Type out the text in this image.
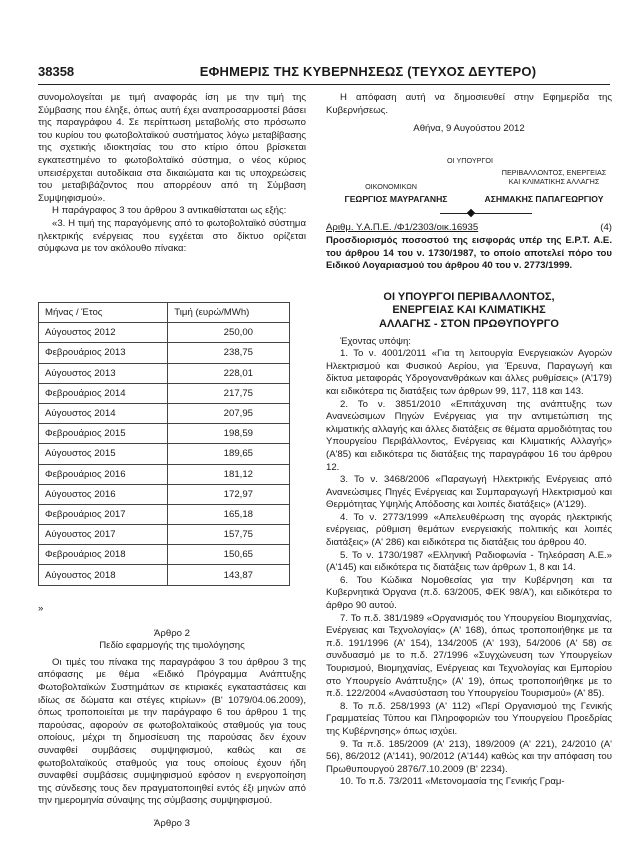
38358	ΕΦΗΜΕΡΙΣ ΤΗΣ ΚΥΒΕΡΝΗΣΕΩΣ (ΤΕΥΧΟΣ ΔΕΥΤΕΡΟ)

συνομολογείται με τιμή αναφοράς ίση με την τιμή της Σύμβασης που έληξε, όπως αυτή έχει αναπροσαρμοστεί βάσει της παραγράφου 4. Σε περίπτωση μεταβολής στο πρόσωπο του κυρίου του φωτοβολταϊκού συστήματος λόγω μεταβίβασης της σχετικής ιδιοκτησίας του στο κτίριο όπου βρίσκεται εγκατεστημένο το φωτοβολταϊκό σύστημα, ο νέος κύριος υπεισέρχεται αυτοδίκαια στα δικαιώματα και τις υποχρεώσεις του μεταβιβάζοντος που απορρέουν από τη Σύμβαση Συμψηφισμού».

Η παράγραφος 3 του άρθρου 3 αντικαθίσταται ως εξής:

«3. Η τιμή της παραγόμενης από το φωτοβολταϊκό σύστημα ηλεκτρικής ενέργειας που εγχέεται στο δίκτυο ορίζεται σύμφωνα με τον ακόλουθο πίνακα:

Μήνας / Έτος	Τιμή (ευρώ/MWh)
Αύγουστος 2012	250,00
Φεβρουάριος 2013	238,75
Αύγουστος 2013	228,01
Φεβρουάριος 2014	217,75
Αύγουστος 2014	207,95
Φεβρουάριος 2015	198,59
Αύγουστος 2015	189,65
Φεβρουάριος 2016	181,12
Αύγουστος 2016	172,97
Φεβρουάριος 2017	165,18
Αύγουστος 2017	157,75
Φεβρουάριος 2018	150,65
Αύγουστος 2018	143,87

»

Άρθρο 2

Πεδίο εφαρμογής της τιμολόγησης

Οι τιμές του πίνακα της παραγράφου 3 του άρθρου 3 της απόφασης με θέμα «Ειδικό Πρόγραμμα Ανάπτυξης Φωτοβολταϊκών Συστημάτων σε κτιριακές εγκαταστάσεις και ιδίως σε δώματα και στέγες κτιρίων» (Β' 1079/04.06.2009), όπως τροποποιείται με την παράγραφο 6 του άρθρου 1 της παρούσας, αφορούν σε φωτοβολταϊκούς σταθμούς για τους οποίους, μέχρι τη δημοσίευση της παρούσας δεν έχουν συναφθεί συμβάσεις συμψηφισμού, καθώς και σε φωτοβολταϊκούς σταθμούς για τους οποίους έχουν ήδη συναφθεί συμβάσεις συμψηφισμού εφόσον η ενεργοποίηση της σύνδεσης τους δεν πραγματοποιηθεί εντός έξι μηνών από την ημερομηνία σύναψης της σύμβασης συμψηφισμού.

Άρθρο 3

Η απόφαση αυτή να δημοσιευθεί στην Εφημερίδα της Κυβερνήσεως.

Αθήνα, 9 Αυγούστου 2012

ΟΙ ΥΠΟΥΡΓΟΙ
ΟΙΚΟΝΟΜΙΚΩΝ
ΠΕΡΙΒΑΛΛΟΝΤΟΣ, ΕΝΕΡΓΕΙΑΣ ΚΑΙ ΚΛΙΜΑΤΙΚΗΣ ΑΛΛΑΓΗΣ
ΓΕΩΡΓΙΟΣ ΜΑΥΡΑΓΑΝΗΣ	ΑΣΗΜΑΚΗΣ ΠΑΠΑΓΕΩΡΓΙΟΥ
Αριθμ. Υ.Α.Π.Ε. /Φ1/2303/οικ.16935	(4)

Προσδιορισμός ποσοστού της εισφοράς υπέρ της Ε.Ρ.Τ. Α.Ε. του άρθρου 14 του ν. 1730/1987, το οποίο αποτελεί πόρο του Ειδικού Λογαριασμού του άρθρου 40 του ν. 2773/1999.

ΟΙ ΥΠΟΥΡΓΟΙ ΠΕΡΙΒΑΛΛΟΝΤΟΣ, ΕΝΕΡΓΕΙΑΣ ΚΑΙ ΚΛΙΜΑΤΙΚΗΣ ΑΛΛΑΓΗΣ - ΣΤΟΝ ΠΡΩΘΥΠΟΥΡΓΟ

Έχοντας υπόψη:

1. Το ν. 4001/2011 «Για τη λειτουργία Ενεργειακών Αγορών Ηλεκτρισμού και Φυσικού Αερίου, για Έρευνα, Παραγωγή και δίκτυα μεταφοράς Υδρογονανθράκων και άλλες ρυθμίσεις» (Α'179) και ειδικότερα τις διατάξεις των άρθρων 99, 117, 118 και 143.

2. Το ν. 3851/2010 «Επιτάχυνση της ανάπτυξης των Ανανεώσιμων Πηγών Ενέργειας για την αντιμετώπιση της κλιματικής αλλαγής και άλλες διατάξεις σε θέματα αρμοδιότητας του Υπουργείου Περιβάλλοντος, Ενέργειας και Κλιματικής Αλλαγής» (Α'85) και ειδικότερα τις διατάξεις της παραγράφου 16 του άρθρου 12.

3. Το ν. 3468/2006 «Παραγωγή Ηλεκτρικής Ενέργειας από Ανανεώσιμες Πηγές Ενέργειας και Συμπαραγωγή Ηλεκτρισμού και Θερμότητας Υψηλής Απόδοσης και λοιπές διατάξεις» (Α'129).

4. Το ν. 2773/1999 «Απελευθέρωση της αγοράς ηλεκτρικής ενέργειας, ρύθμιση θεμάτων ενεργειακής πολιτικής και λοιπές διατάξεις» (Α' 286) και ειδικότερα τις διατάξεις του άρθρου 40.

5. Το ν. 1730/1987 «Ελληνική Ραδιοφωνία - Τηλεόραση Α.Ε.» (Α'145) και ειδικότερα τις διατάξεις των άρθρων 1, 8 και 14.

6. Του Κώδικα Νομοθεσίας για την Κυβέρνηση και τα Κυβερνητικά Όργανα (π.δ. 63/2005, ΦΕΚ 98/Α'), και ειδικότερα το άρθρο 90 αυτού.

7. Το π.δ. 381/1989 «Οργανισμός του Υπουργείου Βιομηχανίας, Ενέργειας και Τεχνολογίας» (Α' 168), όπως τροποποιήθηκε με τα π.δ. 191/1996 (Α' 154), 134/2005 (Α' 193), 54/2006 (Α' 58) σε συνδυασμό με το π.δ. 27/1996 «Συγχώνευση των Υπουργείων Τουρισμού, Βιομηχανίας, Ενέργειας και Τεχνολογίας και Εμπορίου στο Υπουργείο Ανάπτυξης» (Α' 19), όπως τροποποιήθηκε με το π.δ. 122/2004 «Ανασύσταση του Υπουργείου Τουρισμού» (Α' 85).

8. Το π.δ. 258/1993 (Α' 112) «Περί Οργανισμού της Γενικής Γραμματείας Τύπου και Πληροφοριών του Υπουργείου Προεδρίας της Κυβέρνησης» όπως ισχύει.

9. Τα π.δ. 185/2009 (Α' 213), 189/2009 (Α' 221), 24/2010 (Α' 56), 86/2012 (Α'141), 90/2012 (Α'144) καθώς και την απόφαση του Πρωθυπουργού 2876/7.10.2009 (Β' 2234).

10. Το π.δ. 73/2011 «Μετονομασία της Γενικής Γραμ-
